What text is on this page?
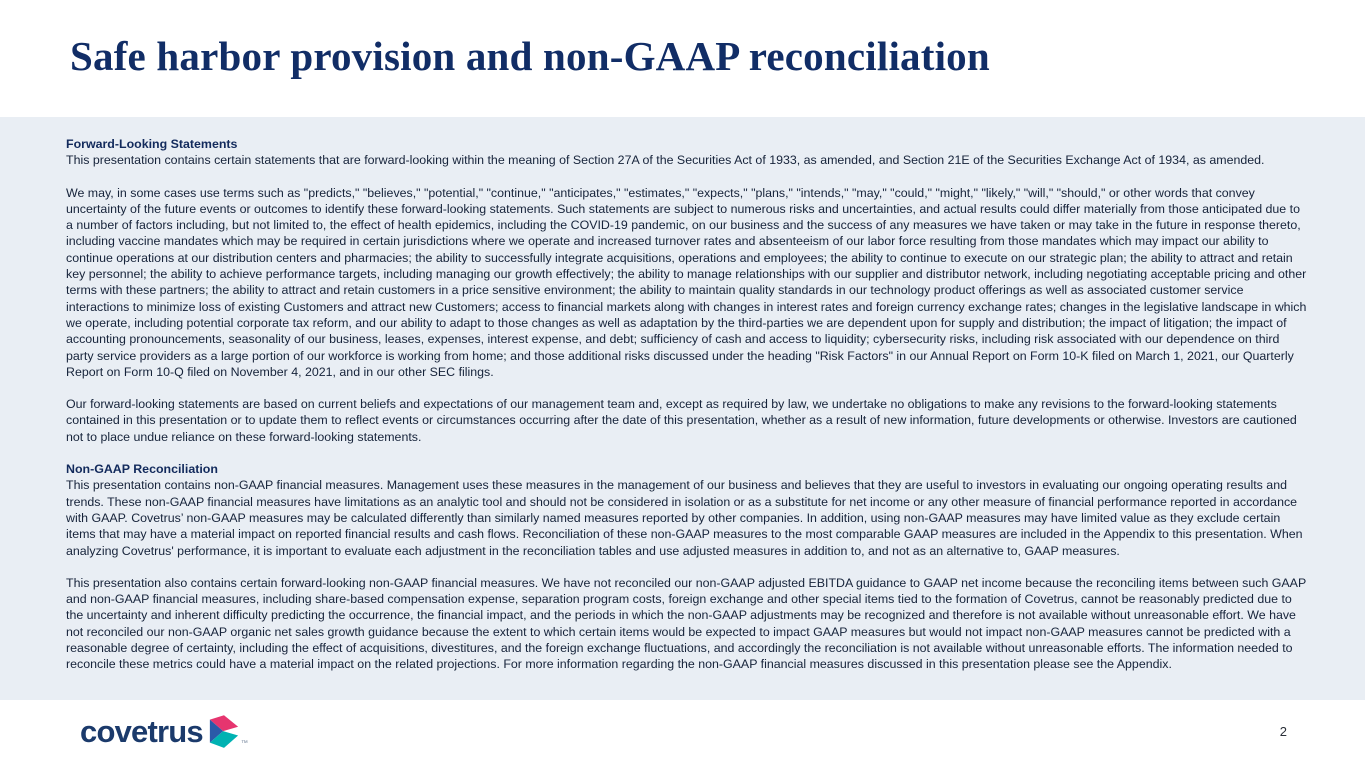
Safe harbor provision and non-GAAP reconciliation
Forward-Looking Statements

This presentation contains certain statements that are forward-looking within the meaning of Section 27A of the Securities Act of 1933, as amended, and Section 21E of the Securities Exchange Act of 1934, as amended.

We may, in some cases use terms such as "predicts," "believes," "potential," "continue," "anticipates," "estimates," "expects," "plans," "intends," "may," "could," "might," "likely," "will," "should," or other words that convey uncertainty of the future events or outcomes to identify these forward-looking statements. Such statements are subject to numerous risks and uncertainties, and actual results could differ materially from those anticipated due to a number of factors including, but not limited to, the effect of health epidemics, including the COVID-19 pandemic, on our business and the success of any measures we have taken or may take in the future in response thereto, including vaccine mandates which may be required in certain jurisdictions where we operate and increased turnover rates and absenteeism of our labor force resulting from those mandates which may impact our ability to continue operations at our distribution centers and pharmacies; the ability to successfully integrate acquisitions, operations and employees; the ability to continue to execute on our strategic plan; the ability to attract and retain key personnel; the ability to achieve performance targets, including managing our growth effectively; the ability to manage relationships with our supplier and distributor network, including negotiating acceptable pricing and other terms with these partners; the ability to attract and retain customers in a price sensitive environment; the ability to maintain quality standards in our technology product offerings as well as associated customer service interactions to minimize loss of existing Customers and attract new Customers; access to financial markets along with changes in interest rates and foreign currency exchange rates; changes in the legislative landscape in which we operate, including potential corporate tax reform, and our ability to adapt to those changes as well as adaptation by the third-parties we are dependent upon for supply and distribution; the impact of litigation; the impact of accounting pronouncements, seasonality of our business, leases, expenses, interest expense, and debt; sufficiency of cash and access to liquidity; cybersecurity risks, including risk associated with our dependence on third party service providers as a large portion of our workforce is working from home; and those additional risks discussed under the heading "Risk Factors" in our Annual Report on Form 10-K filed on March 1, 2021, our Quarterly Report on Form 10-Q filed on November 4, 2021, and in our other SEC filings.

Our forward-looking statements are based on current beliefs and expectations of our management team and, except as required by law, we undertake no obligations to make any revisions to the forward-looking statements contained in this presentation or to update them to reflect events or circumstances occurring after the date of this presentation, whether as a result of new information, future developments or otherwise. Investors are cautioned not to place undue reliance on these forward-looking statements.

Non-GAAP Reconciliation

This presentation contains non-GAAP financial measures. Management uses these measures in the management of our business and believes that they are useful to investors in evaluating our ongoing operating results and trends. These non-GAAP financial measures have limitations as an analytic tool and should not be considered in isolation or as a substitute for net income or any other measure of financial performance reported in accordance with GAAP. Covetrus’ non-GAAP measures may be calculated differently than similarly named measures reported by other companies. In addition, using non-GAAP measures may have limited value as they exclude certain items that may have a material impact on reported financial results and cash flows. Reconciliation of these non-GAAP measures to the most comparable GAAP measures are included in the Appendix to this presentation. When analyzing Covetrus' performance, it is important to evaluate each adjustment in the reconciliation tables and use adjusted measures in addition to, and not as an alternative to, GAAP measures.

This presentation also contains certain forward-looking non-GAAP financial measures. We have not reconciled our non-GAAP adjusted EBITDA guidance to GAAP net income because the reconciling items between such GAAP and non-GAAP financial measures, including share-based compensation expense, separation program costs, foreign exchange and other special items tied to the formation of Covetrus, cannot be reasonably predicted due to the uncertainty and inherent difficulty predicting the occurrence, the financial impact, and the periods in which the non-GAAP adjustments may be recognized and therefore is not available without unreasonable effort. We have not reconciled our non-GAAP organic net sales growth guidance because the extent to which certain items would be expected to impact GAAP measures but would not impact non-GAAP measures cannot be predicted with a reasonable degree of certainty, including the effect of acquisitions, divestitures, and the foreign exchange fluctuations, and accordingly the reconciliation is not available without unreasonable efforts. The information needed to reconcile these metrics could have a material impact on the related projections. For more information regarding the non-GAAP financial measures discussed in this presentation please see the Appendix.

covetrus	™
2
